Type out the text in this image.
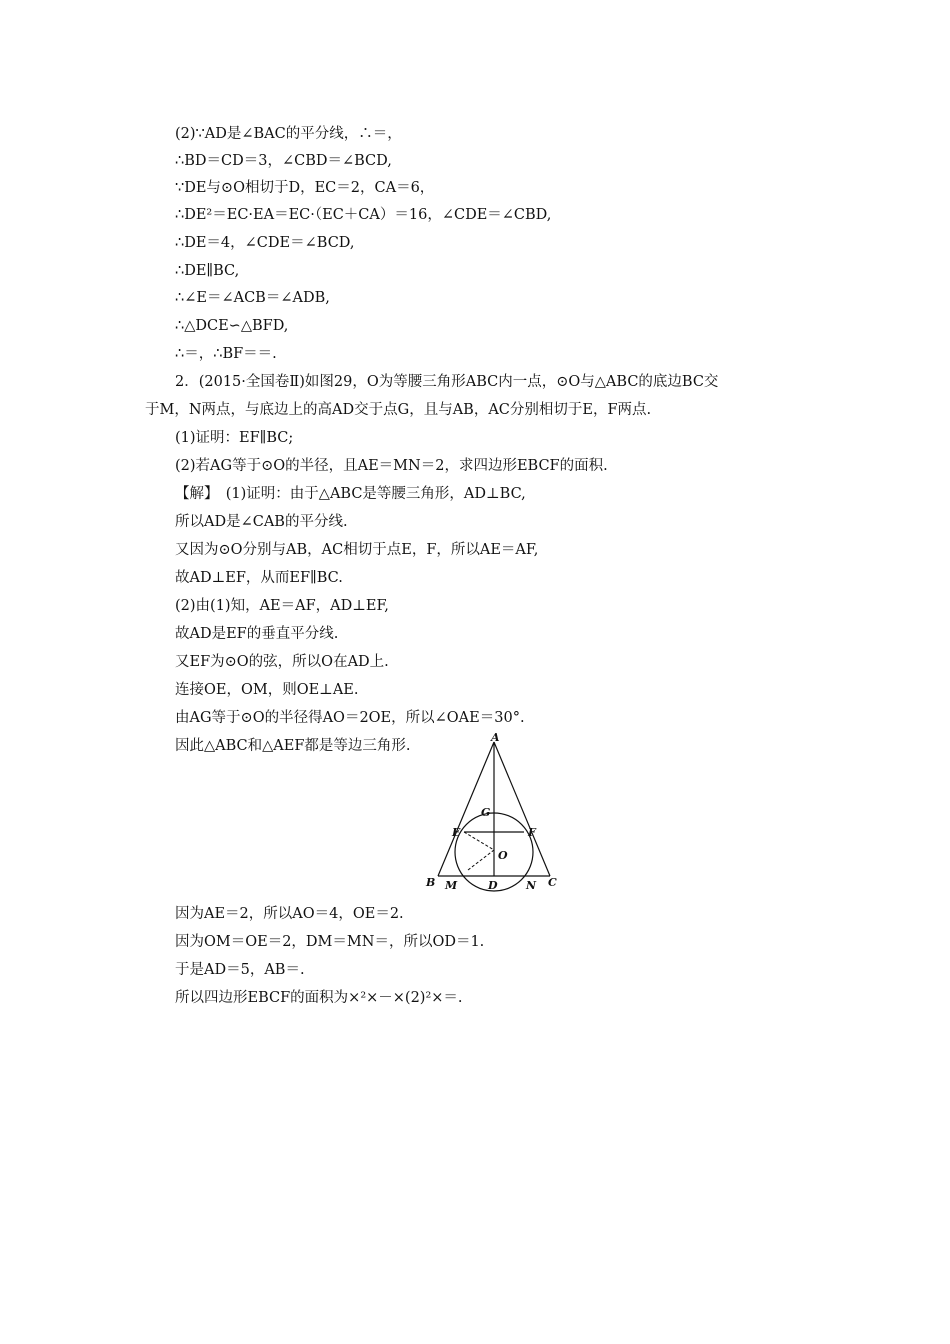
(2)∵AD是∠BAC的平分线，∴＝，
∴BD＝CD＝3，∠CBD＝∠BCD,
∵DE与⊙O相切于D，EC＝2，CA＝6，
∴DE²＝EC·EA＝EC·（EC＋CA）＝16，∠CDE＝∠CBD,
∴DE＝4，∠CDE＝∠BCD,
∴DE∥BC,
∴∠E＝∠ACB＝∠ADB,
∴△DCE∽△BFD,
∴＝，∴BF＝＝.
2．(2015·全国卷Ⅱ)如图29，O为等腰三角形ABC内一点，⊙O与△ABC的底边BC交
于M，N两点，与底边上的高AD交于点G，且与AB，AC分别相切于E，F两点.
(1)证明：EF∥BC;
(2)若AG等于⊙O的半径，且AE＝MN＝2，求四边形EBCF的面积.
【解】　(1)证明：由于△ABC是等腰三角形，AD⊥BC,
所以AD是∠CAB的平分线.
又因为⊙O分别与AB，AC相切于点E，F，所以AE＝AF,
故AD⊥EF，从而EF∥BC.
(2)由(1)知，AE＝AF，AD⊥EF,
故AD是EF的垂直平分线.
又EF为⊙O的弦，所以O在AD上.
连接OE，OM，则OE⊥AE.
由AG等于⊙O的半径得AO＝2OE，所以∠OAE＝30°.
因此△ABC和△AEF都是等边三角形.
A
G
E	F
O
B M	D	N C
因为AE＝2，所以AO＝4，OE＝2.
因为OM＝OE＝2，DM＝MN＝，所以OD＝1.
于是AD＝5，AB＝.
所以四边形EBCF的面积为×²×－×(2)²×＝.
